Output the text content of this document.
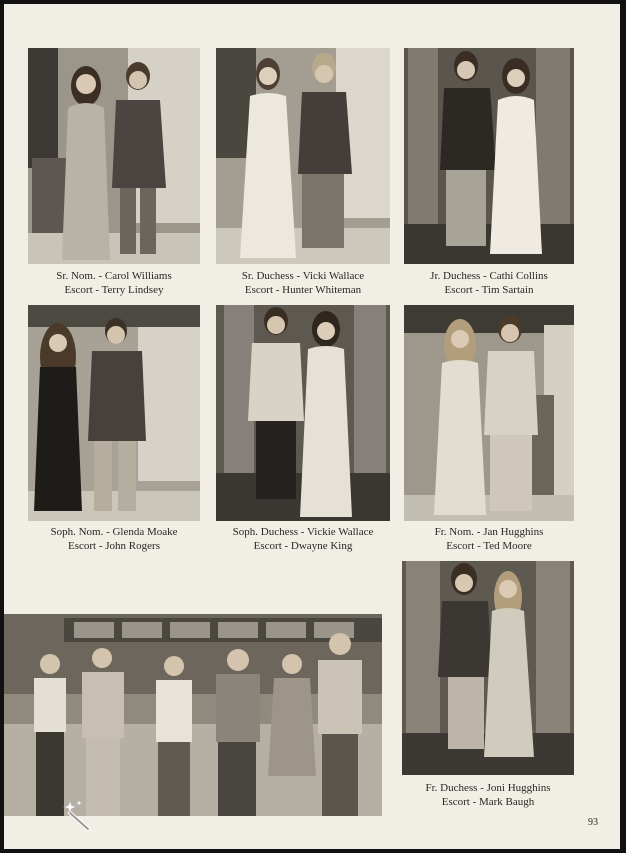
Sr. Nom. - Carol Williams
Escort - Terry Lindsey
Sr. Duchess - Vicki Wallace
Escort - Hunter Whiteman
Jr. Duchess - Cathi Collins
Escort - Tim Sartain
Soph. Nom. - Glenda Moake
Escort - John Rogers
Soph. Duchess - Vickie Wallace
Escort - Dwayne King
Fr. Nom. - Jan Hugghins
Escort - Ted Moore
Fr. Duchess - Joni Hugghins
Escort - Mark Baugh
93
